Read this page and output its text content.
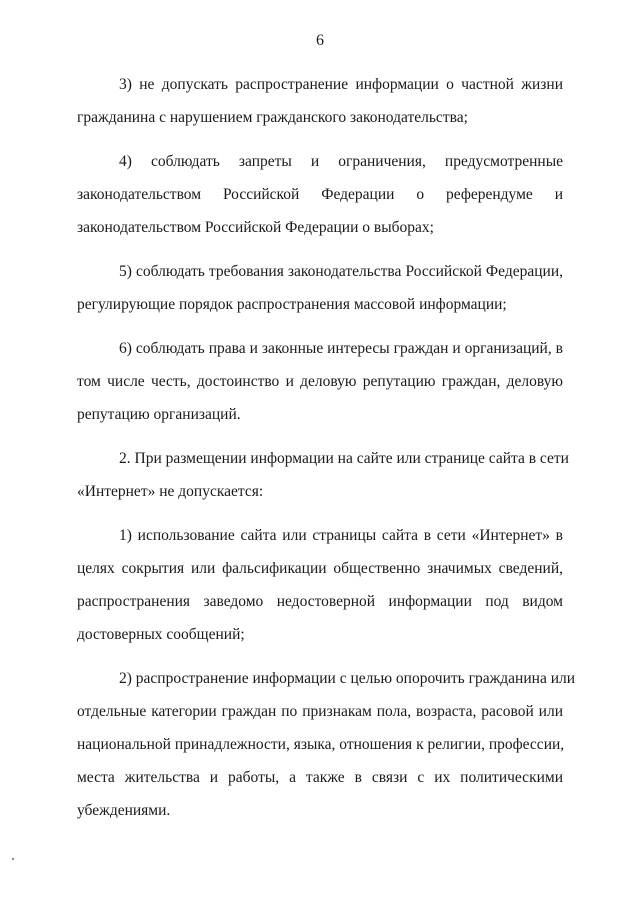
6
3) не допускать распространение информации о частной жизни
гражданина с нарушением гражданского законодательства;
4) соблюдать запреты и ограничения, предусмотренные
законодательством Российской Федерации о референдуме и
законодательством Российской Федерации о выборах;
5) соблюдать требования законодательства Российской Федерации,
регулирующие порядок распространения массовой информации;
6) соблюдать права и законные интересы граждан и организаций, в
том числе честь, достоинство и деловую репутацию граждан, деловую
репутацию организаций.
2. При размещении информации на сайте или странице сайта в сети
«Интернет» не допускается:
1) использование сайта или страницы сайта в сети «Интернет» в
целях сокрытия или фальсификации общественно значимых сведений,
распространения заведомо недостоверной информации под видом
достоверных сообщений;
2) распространение информации с целью опорочить гражданина или
отдельные категории граждан по признакам пола, возраста, расовой или
национальной принадлежности, языка, отношения к религии, профессии,
места жительства и работы, а также в связи с их политическими
убеждениями.
